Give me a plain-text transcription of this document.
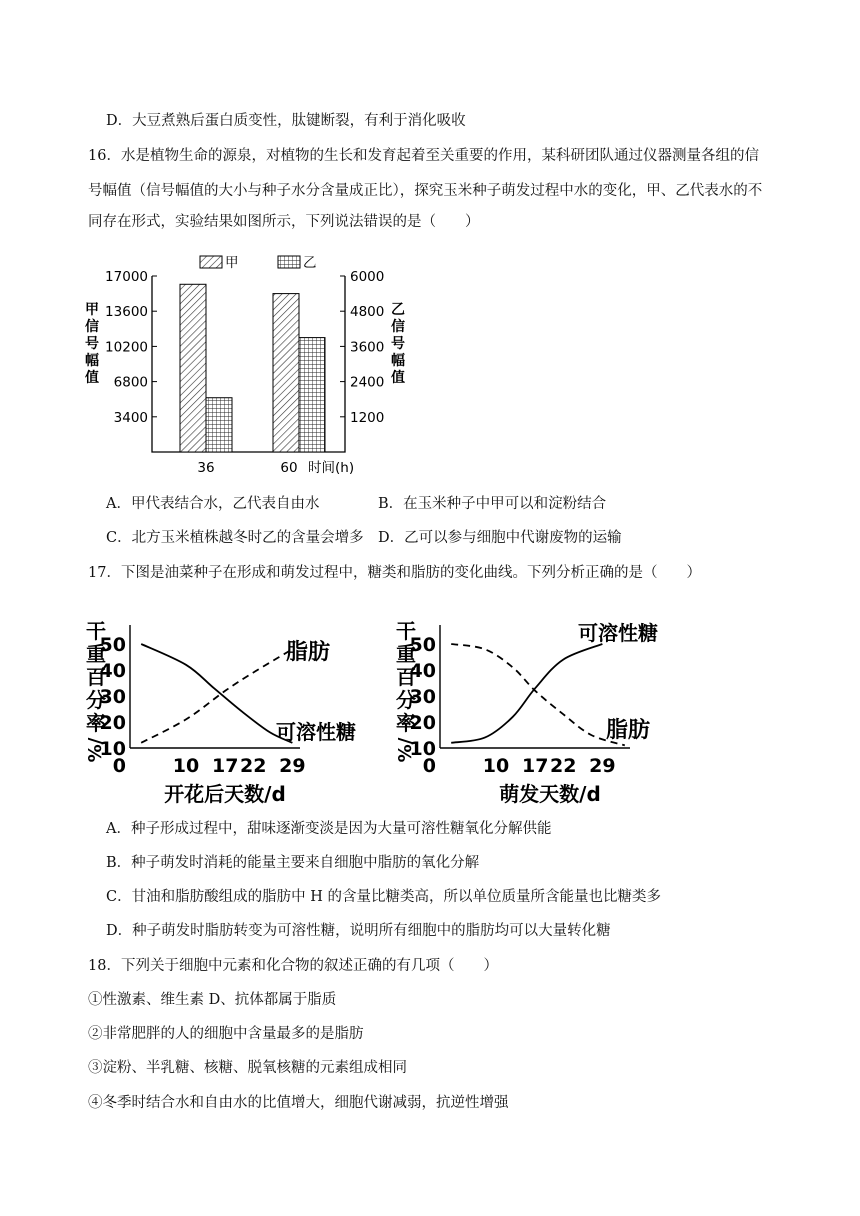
D．大豆煮熟后蛋白质变性，肽键断裂，有利于消化吸收
16．水是植物生命的源泉，对植物的生长和发育起着至关重要的作用，某科研团队通过仪器测量各组的信
号幅值（信号幅值的大小与种子水分含量成正比），探究玉米种子萌发过程中水的变化，甲、乙代表水的不
同存在形式，实验结果如图所示，下列说法错误的是（　　）
3400
6800
10200
13600
17000
1200
2400
3600
4800
6000
甲
信
号
幅
值
乙
信
号
幅
值
36	60 时间(h)
甲	乙
A．甲代表结合水，乙代表自由水	B．在玉米种子中甲可以和淀粉结合
C．北方玉米植株越冬时乙的含量会增多 D．乙可以参与细胞中代谢废物的运输
17．下图是油菜种子在形成和萌发过程中，糖类和脂肪的变化曲线。下列分析正确的是（　　）
10
20
30
40
50
0 10 17 22 29
干
重
百
分
率
%/
开花后天数/d
脂肪
可溶性糖
10
20
30
40
50
0 10 17 22 29
干
重
百
分
率
%/
萌发天数/d
可溶性糖
脂肪
A．种子形成过程中，甜味逐渐变淡是因为大量可溶性糖氧化分解供能
B．种子萌发时消耗的能量主要来自细胞中脂肪的氧化分解
C．甘油和脂肪酸组成的脂肪中 H 的含量比糖类高，所以单位质量所含能量也比糖类多
D．种子萌发时脂肪转变为可溶性糖，说明所有细胞中的脂肪均可以大量转化糖
18．下列关于细胞中元素和化合物的叙述正确的有几项（　　）
①性激素、维生素 D、抗体都属于脂质
②非常肥胖的人的细胞中含量最多的是脂肪
③淀粉、半乳糖、核糖、脱氧核糖的元素组成相同
④冬季时结合水和自由水的比值增大，细胞代谢减弱，抗逆性增强
